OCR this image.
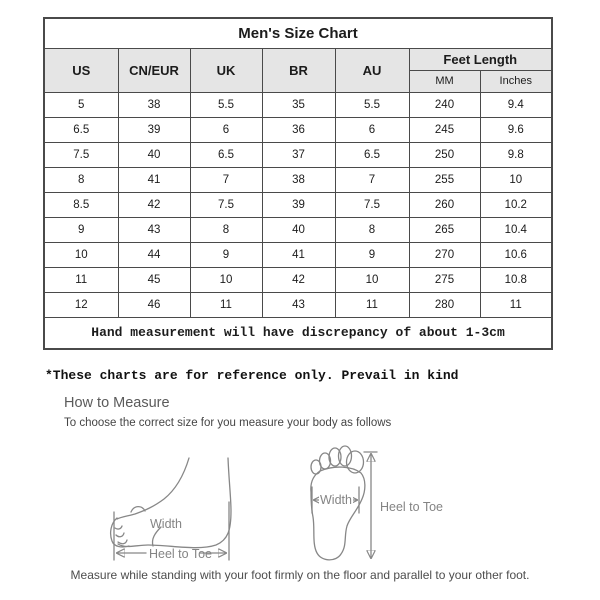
Men's Size Chart						
US	CN/EUR	UK	BR	AU	Feet Length	
					MM	Inches
5	38	5.5	35	5.5	240	9.4
6.5	39	6	36	6	245	9.6
7.5	40	6.5	37	6.5	250	9.8
8	41	7	38	7	255	10
8.5	42	7.5	39	7.5	260	10.2
9	43	8	40	8	265	10.4
10	44	9	41	9	270	10.6
11	45	10	42	10	275	10.8
12	46	11	43	11	280	11
Hand measurement will have discrepancy of about 1-3cm						
*These charts are for reference only. Prevail in kind
How to Measure
To choose the correct size for you measure your body as follows
Width
Heel to Toe
Width Heel to Toe
Measure while standing with your foot firmly on the floor and parallel to your other foot.
